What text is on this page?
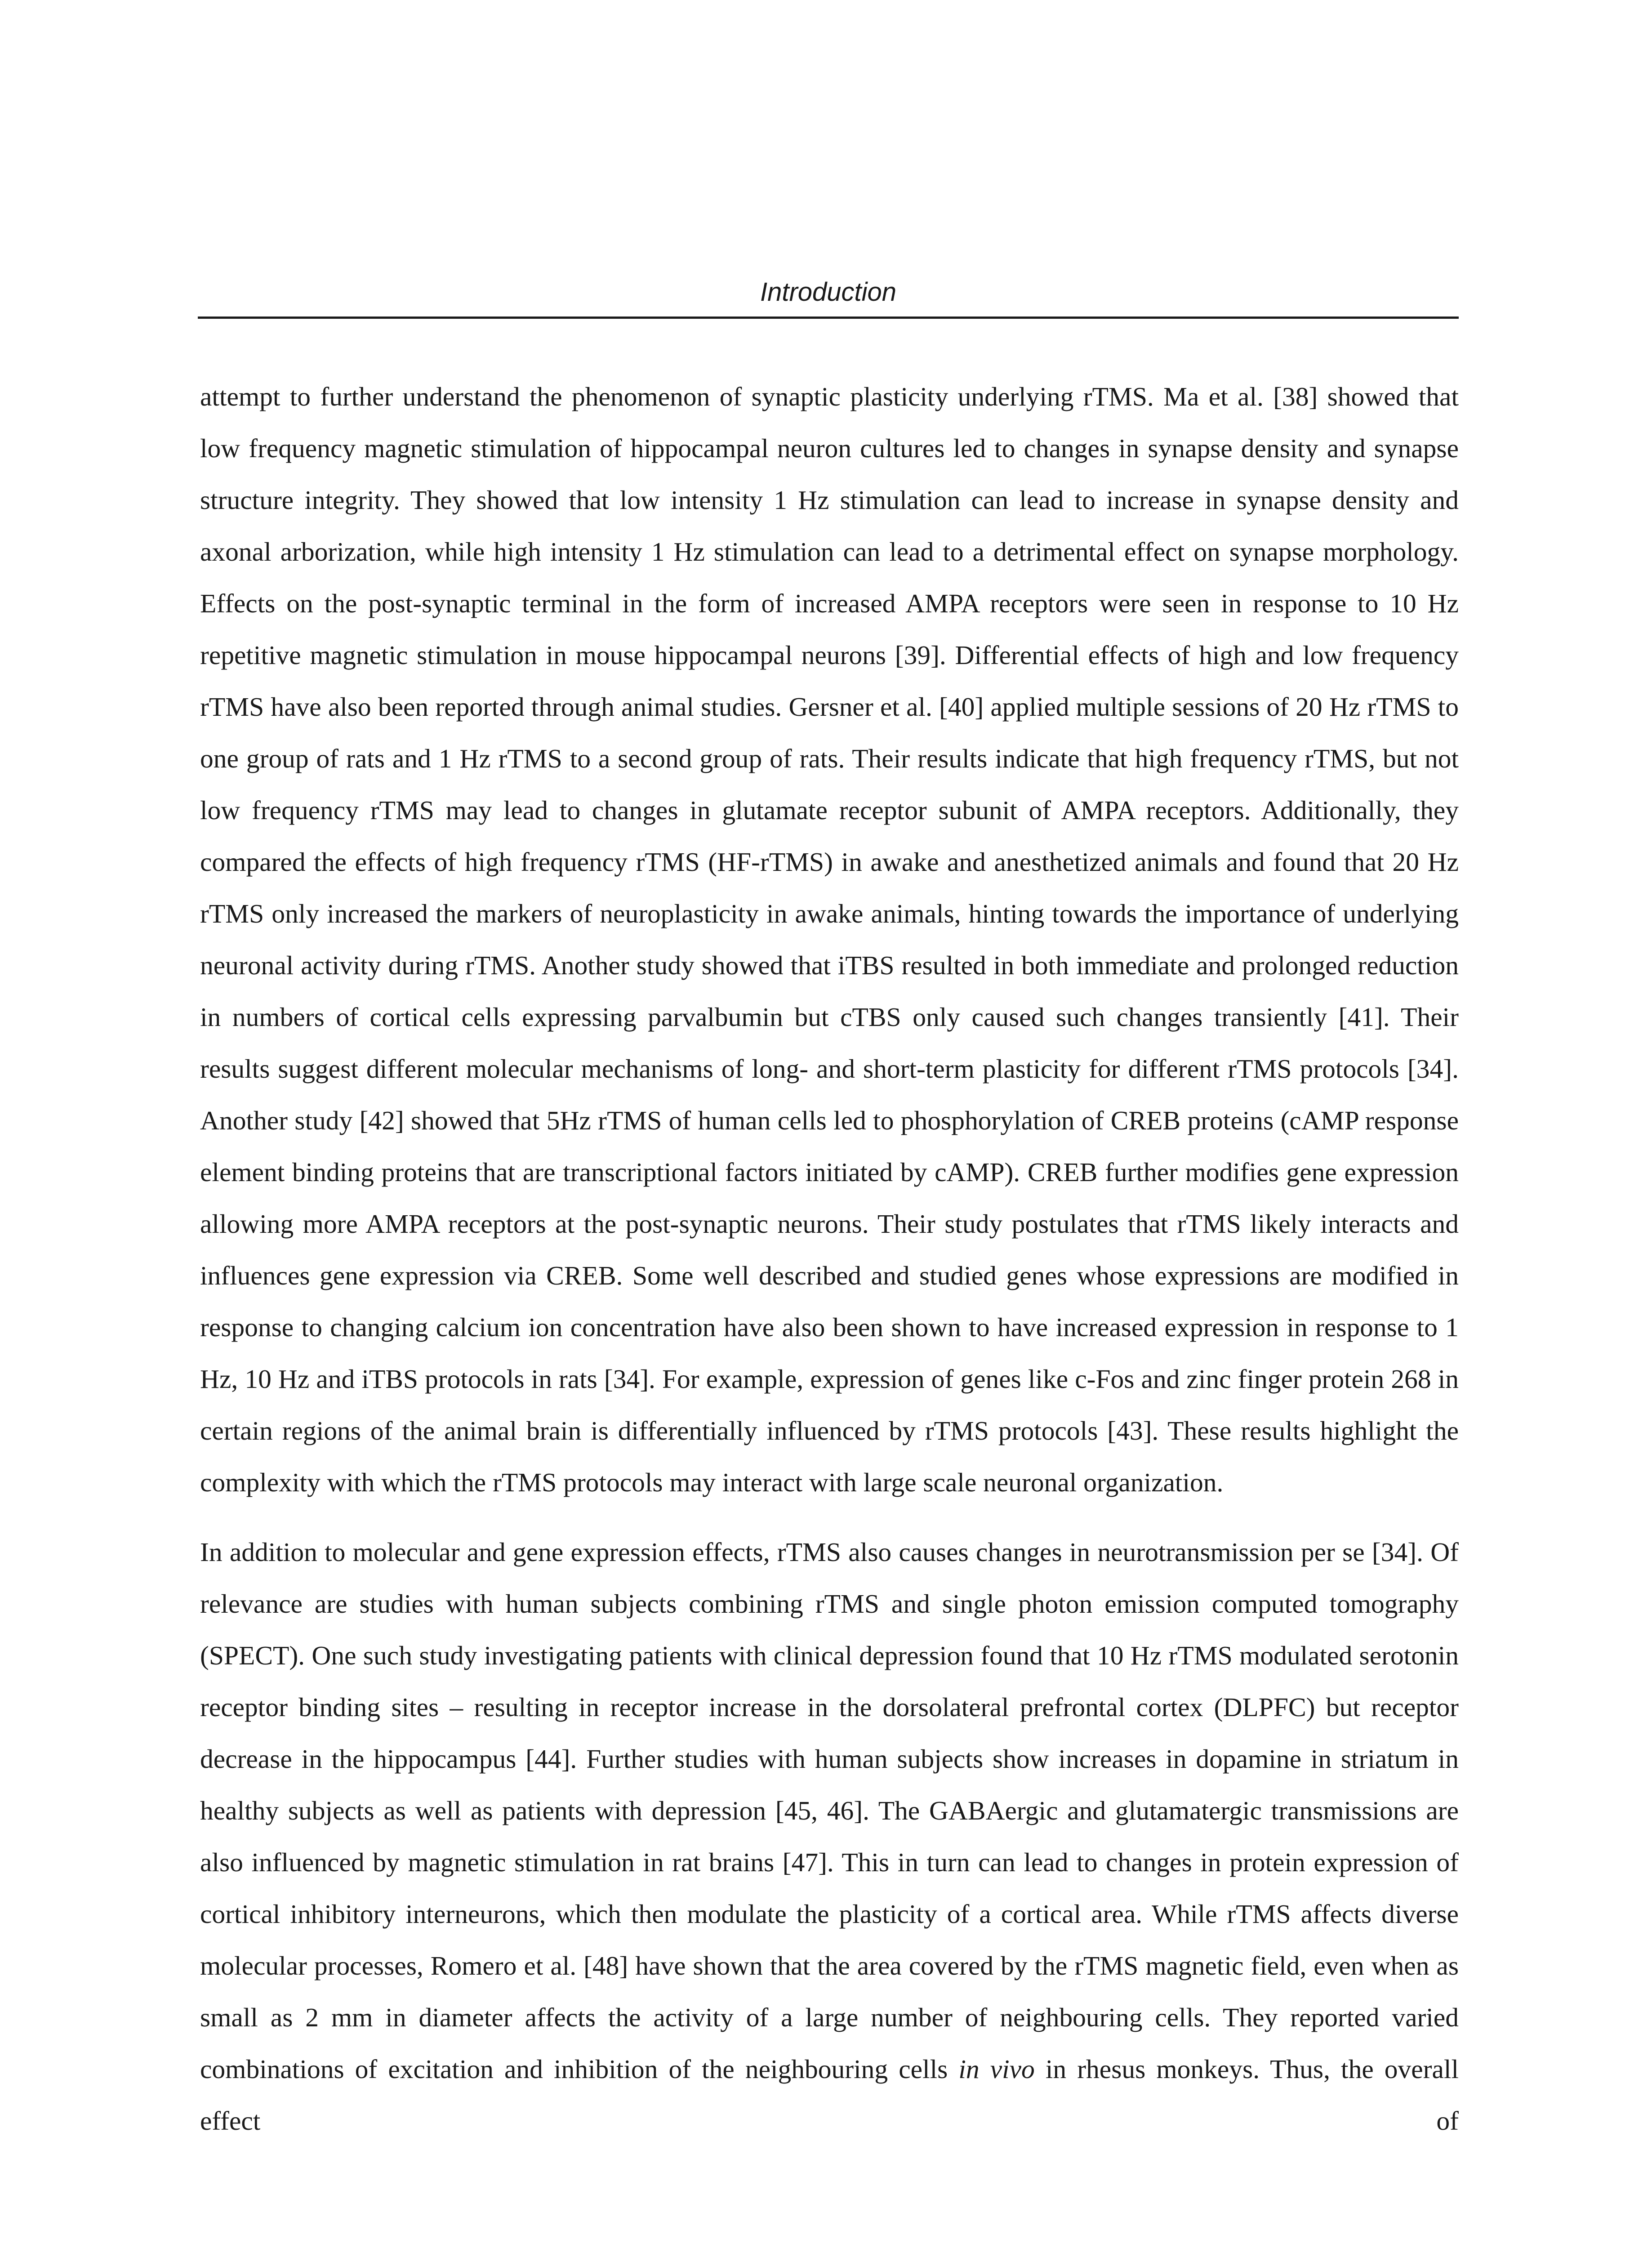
Introduction

attempt to further understand the phenomenon of synaptic plasticity underlying rTMS. Ma et al. [38] showed that low frequency magnetic stimulation of hippocampal neuron cultures led to changes in synapse density and synapse structure integrity. They showed that low intensity 1 Hz stimulation can lead to increase in synapse density and axonal arborization, while high intensity 1 Hz stimulation can lead to a detrimental effect on synapse morphology. Effects on the post-synaptic terminal in the form of increased AMPA receptors were seen in response to 10 Hz repetitive magnetic stimulation in mouse hippocampal neurons [39]. Differential effects of high and low frequency rTMS have also been reported through animal studies. Gersner et al. [40] applied multiple sessions of 20 Hz rTMS to one group of rats and 1 Hz rTMS to a second group of rats. Their results indicate that high frequency rTMS, but not low frequency rTMS may lead to changes in glutamate receptor subunit of AMPA receptors. Additionally, they compared the effects of high frequency rTMS (HF-rTMS) in awake and anesthetized animals and found that 20 Hz rTMS only increased the markers of neuroplasticity in awake animals, hinting towards the importance of underlying neuronal activity during rTMS. Another study showed that iTBS resulted in both immediate and prolonged reduction in numbers of cortical cells expressing parvalbumin but cTBS only caused such changes transiently [41]. Their results suggest different molecular mechanisms of long- and short-term plasticity for different rTMS protocols [34]. Another study [42] showed that 5Hz rTMS of human cells led to phosphorylation of CREB proteins (cAMP response element binding proteins that are transcriptional factors initiated by cAMP). CREB further modifies gene expression allowing more AMPA receptors at the post-synaptic neurons. Their study postulates that rTMS likely interacts and influences gene expression via CREB. Some well described and studied genes whose expressions are modified in response to changing calcium ion concentration have also been shown to have increased expression in response to 1 Hz, 10 Hz and iTBS protocols in rats [34]. For example, expression of genes like c-Fos and zinc finger protein 268 in certain regions of the animal brain is differentially influenced by rTMS protocols [43]. These results highlight the complexity with which the rTMS protocols may interact with large scale neuronal organization.

In addition to molecular and gene expression effects, rTMS also causes changes in neurotransmission per se [34]. Of relevance are studies with human subjects combining rTMS and single photon emission computed tomography (SPECT). One such study investigating patients with clinical depression found that 10 Hz rTMS modulated serotonin receptor binding sites – resulting in receptor increase in the dorsolateral prefrontal cortex (DLPFC) but receptor decrease in the hippocampus [44]. Further studies with human subjects show increases in dopamine in striatum in healthy subjects as well as patients with depression [45, 46]. The GABAergic and glutamatergic transmissions are also influenced by magnetic stimulation in rat brains [47]. This in turn can lead to changes in protein expression of cortical inhibitory interneurons, which then modulate the plasticity of a cortical area. While rTMS affects diverse molecular processes, Romero et al. [48] have shown that the area covered by the rTMS magnetic field, even when as small as 2 mm in diameter affects the activity of a large number of neighbouring cells. They reported varied combinations of excitation and inhibition of the neighbouring cells in vivo in rhesus monkeys. Thus, the overall effect of
